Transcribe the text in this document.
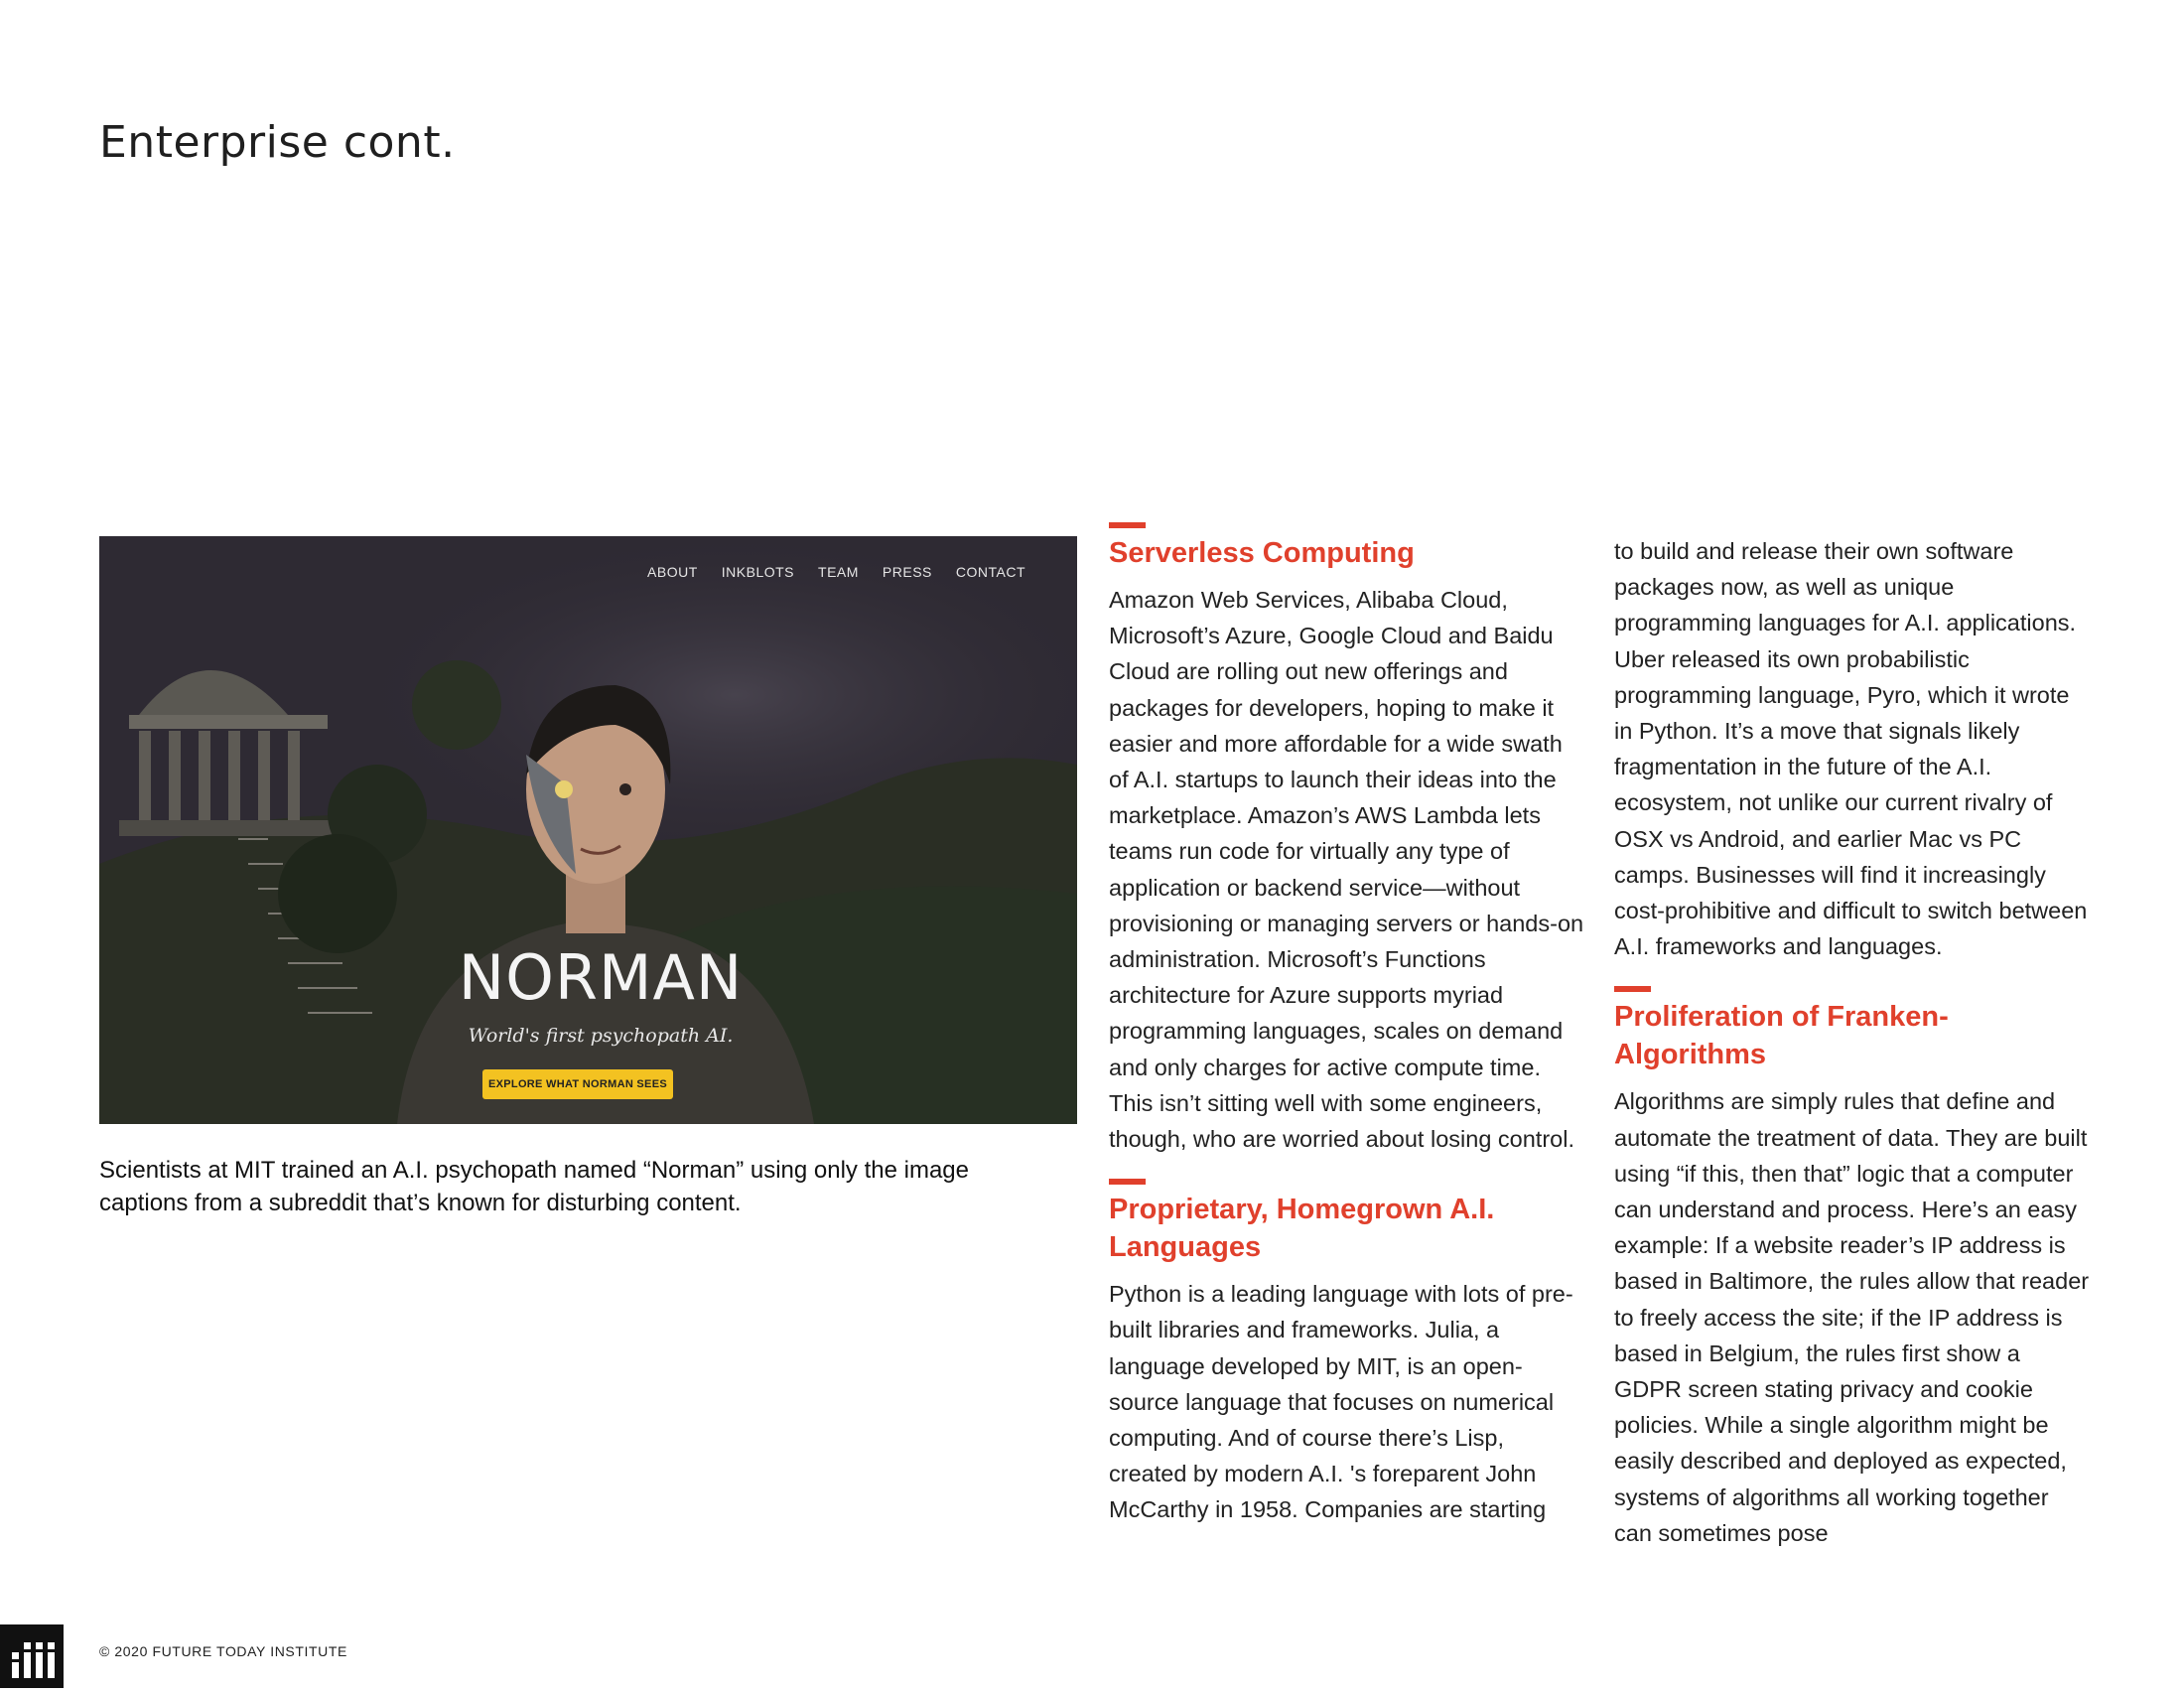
Enterprise cont.
ABOUT INKBLOTS TEAM PRESS CONTACT
NORMAN
World's first psychopath AI.
EXPLORE WHAT NORMAN SEES
Scientists at MIT trained an A.I. psychopath named “Norman” using only the image captions from a subreddit that’s known for disturbing content.
Serverless Computing

Amazon Web Services, Alibaba Cloud, Microsoft’s Azure, Google Cloud and Baidu Cloud are rolling out new offerings and packages for developers, hoping to make it easier and more affordable for a wide swath of A.I. startups to launch their ideas into the marketplace. Amazon’s AWS Lambda lets teams run code for virtually any type of application or backend service—without provisioning or managing servers or hands-on administration. Microsoft’s Functions architecture for Azure supports myriad programming languages, scales on demand and only charges for active compute time. This isn’t sitting well with some engineers, though, who are worried about losing control.

Proprietary, Homegrown A.I. Languages

Python is a leading language with lots of pre-built libraries and frameworks. Julia, a language developed by MIT, is an open-source language that focuses on numerical computing. And of course there’s Lisp, created by modern A.I. 's foreparent John McCarthy in 1958. Companies are starting

to build and release their own software packages now, as well as unique programming languages for A.I. applications. Uber released its own probabilistic programming language, Pyro, which it wrote in Python. It’s a move that signals likely fragmentation in the future of the A.I. ecosystem, not unlike our current rivalry of OSX vs Android, and earlier Mac vs PC camps. Businesses will find it increasingly cost-prohibitive and difficult to switch between A.I. frameworks and languages.

Proliferation of Franken-Algorithms

Algorithms are simply rules that define and automate the treatment of data. They are built using “if this, then that” logic that a computer can understand and process. Here’s an easy example: If a website reader’s IP address is based in Baltimore, the rules allow that reader to freely access the site; if the IP address is based in Belgium, the rules first show a GDPR screen stating privacy and cookie policies. While a single algorithm might be easily described and deployed as expected, systems of algorithms all working together can sometimes pose

© 2020 FUTURE TODAY INSTITUTE
